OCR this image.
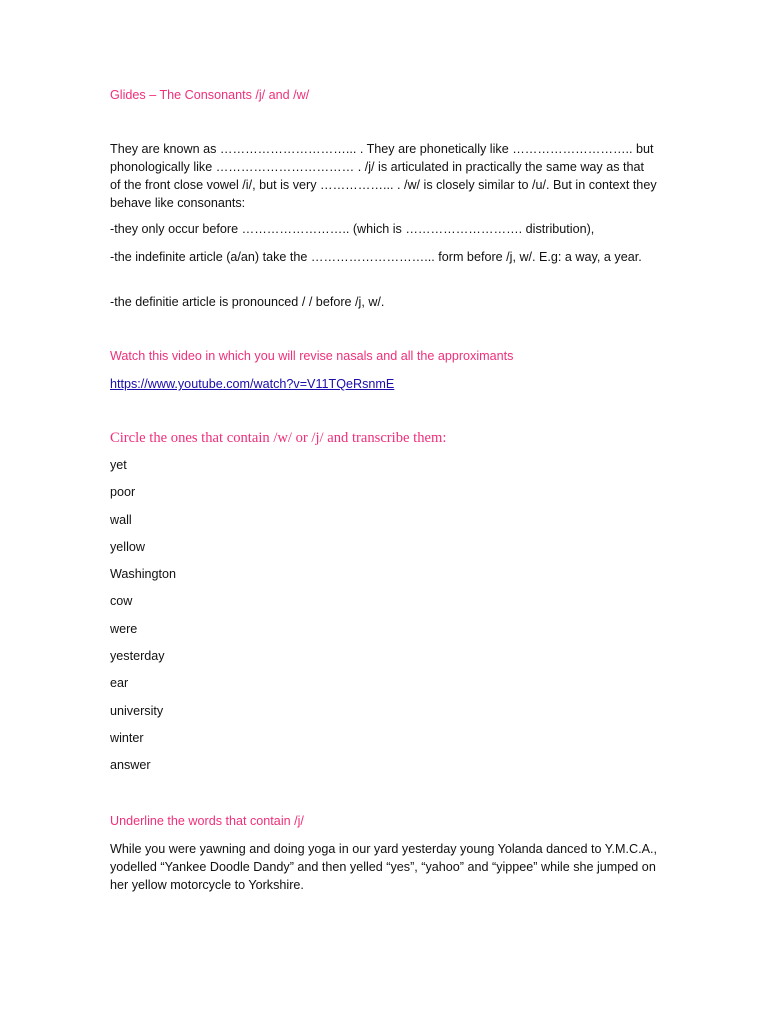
Glides – The Consonants /j/ and /w/

They are known as …………………………... . They are phonetically like ……………………….. but phonologically like …………………………… . /j/ is articulated in practically the same way as that of the front close vowel /i/, but is very ……………... . /w/ is closely similar to /u/. But in context they behave like consonants:

-they only occur before …………………….. (which is ………………………. distribution),

-the indefinite article (a/an) take the ………………………... form before /j, w/. E.g: a way, a year.

-the definitie article is pronounced / / before /j, w/.

Watch this video in which you will revise nasals and all the approximants
https://www.youtube.com/watch?v=V11TQeRsnmE
Circle the ones that contain /w/ or /j/ and transcribe them:
yet
poor
wall
yellow
Washington
cow
were
yesterday
ear
university
winter
answer
Underline the words that contain /j/

While you were yawning and doing yoga in our yard yesterday young Yolanda danced to Y.M.C.A., yodelled “Yankee Doodle Dandy” and then yelled “yes”, “yahoo” and “yippee” while she jumped on her yellow motorcycle to Yorkshire.
